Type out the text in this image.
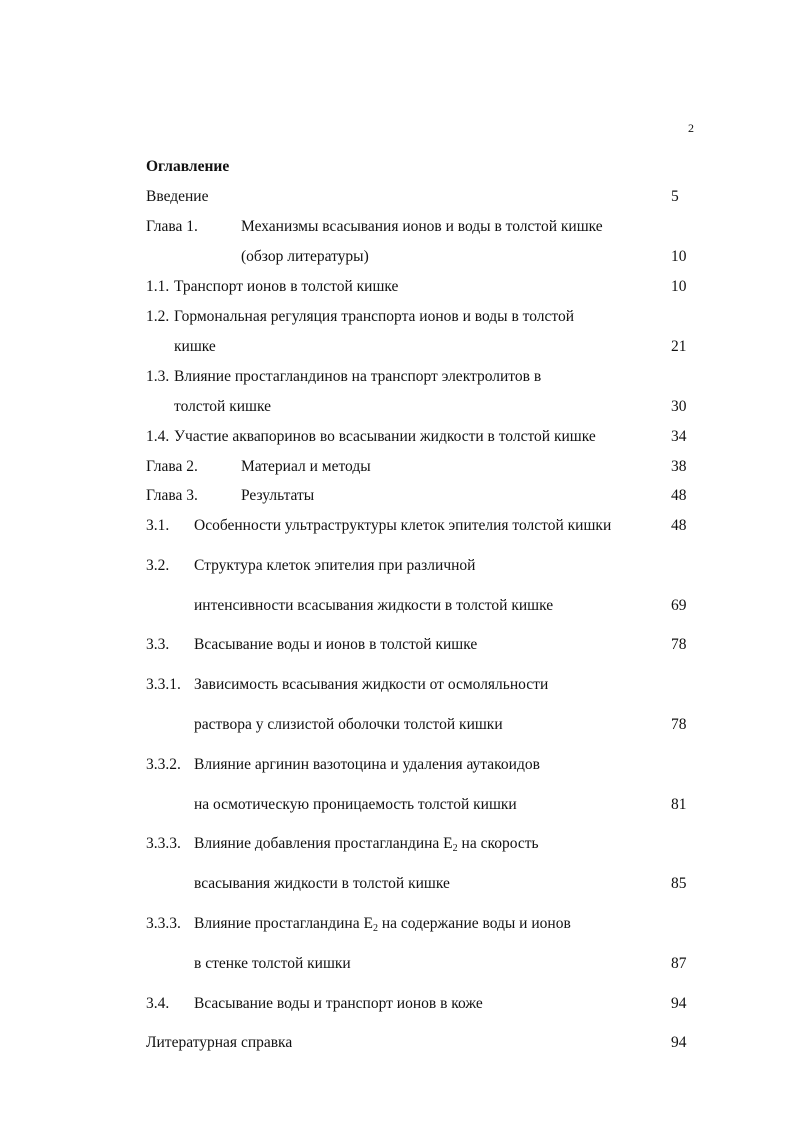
2
Оглавление
Введение	5
Глава 1.	Механизмы всасывания ионов и воды в толстой кишке
(обзор литературы)	10
1.1. Транспорт ионов в толстой кишке	10
1.2. Гормональная регуляция транспорта ионов и воды в толстой
кишке	21
1.3. Влияние простагландинов на транспорт электролитов в
толстой кишке	30
1.4. Участие аквапоринов во всасывании жидкости в толстой кишке	34
Глава 2.	Материал и методы	38
Глава 3.	Результаты	48
3.1. Особенности ультраструктуры клеток эпителия толстой кишки	48
3.2. Структура клеток эпителия при различной
интенсивности всасывания жидкости в толстой кишке	69
3.3. Всасывание воды и ионов в толстой кишке	78
3.3.1. Зависимость всасывания жидкости от осмоляльности
раствора у слизистой оболочки толстой кишки	78
3.3.2. Влияние аргинин вазотоцина и удаления аутакоидов
на осмотическую проницаемость толстой кишки	81
3.3.3. Влияние добавления простагландина $Е_2$ на скорость
всасывания жидкости в толстой кишке	85
3.3.3. Влияние простагландина $Е_2$ на содержание воды и ионов
в стенке толстой кишки	87
3.4. Всасывание воды и транспорт ионов в коже	94
Литературная справка	94
